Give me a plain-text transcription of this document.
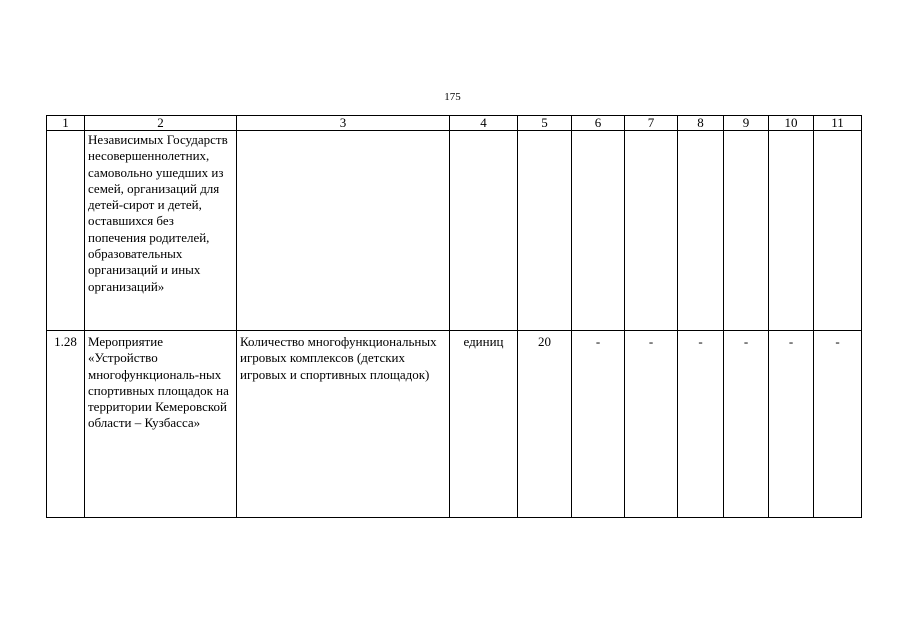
175
1	2	3	4	5	6	7	8	9	10	11
	Независимых Государств несовершеннолетних, самовольно ушедших из семей, организаций для детей-сирот и детей, оставшихся без попечения родителей, образовательных организаций и иных организаций»									
1.28	Мероприятие «Устройство многофункциональ-ных спортивных площадок на территории Кемеровской области – Кузбасса»	Количество многофункциональных игровых комплексов (детских игровых и спортивных площадок)	единиц	20	-	-	-	-	-	-
